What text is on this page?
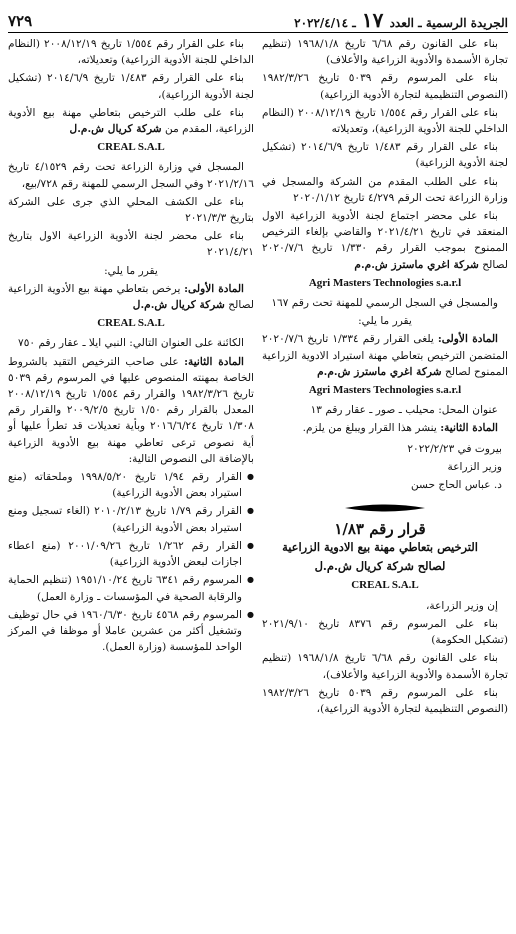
الجريدة الرسمية ـ العدد ١٧ ـ ٢٠٢٢/٤/١٤
٧٢٩

بناء على القانون رقم ٦/٦٨ تاريخ ١٩٦٨/١/٨ (تنظيم تجارة الأسمدة والأدوية الزراعية والأعلاف)

بناء على المرسوم رقم ٥٠٣٩ تاريخ ١٩٨٢/٣/٢٦ (النصوص التنظيمية لتجارة الأدوية الزراعية)

بناء على القرار رقم ١/٥٥٤ تاريخ ٢٠٠٨/١٢/١٩ (النظام الداخلي للجنة الأدوية الزراعية)، وتعديلاته

بناء على القرار رقم ١/٤٨٣ تاريخ ٢٠١٤/٦/٩ (تشكيل لجنة الأدوية الزراعية)

بناء على الطلب المقدم من الشركة والمسجل في وزارة الزراعة تحت الرقم ٤/٢٧٩ تاريخ ٢٠٢٠/١/١٢

بناء على محضر اجتماع لجنة الأدوية الزراعية الاول المنعقد في تاريخ ٢٠٢١/٤/٢١ والقاضي بإلغاء الترخيص الممنوح بموجب القرار رقم ١/٣٣٠ تاريخ ٢٠٢٠/٧/٦ لصالح شركة اغري ماسترز ش.م.م

Agri Masters Technologies s.a.r.l

والمسجل في السجل الرسمي للمهنة تحت رقم ١٦٧

يقرر ما يلي:

المادة الأولى: يلغى القرار رقم ١/٣٣٤ تاريخ ٢٠٢٠/٧/٦ المتضمن الترخيص بتعاطي مهنة استيراد الادوية الزراعية الممنوح لصالح شركة اغري ماسترز ش.م.م

Agri Masters Technologies s.a.r.l

عنوان المحل: محيلب ـ صور ـ عقار رقم ١٣

المادة الثانية: ينشر هذا القرار ويبلغ من يلزم.

بيروت في ٢٠٢٢/٢/٢٣

وزير الزراعة

د. عباس الحاج حسن

قرار رقم ١/٨٣

الترخيص بتعاطي مهنة بيع الادوية الزراعية

لصالح شركة كريال ش.م.ل

CREAL S.A.L

إن وزير الزراعة،

بناء على المرسوم رقم ٨٣٧٦ تاريخ ٢٠٢١/٩/١٠ (تشكيل الحكومة)

بناء على القانون رقم ٦/٦٨ تاريخ ١٩٦٨/١/٨ (تنظيم تجارة الأسمدة والأدوية الزراعية والأعلاف)،

بناء على المرسوم رقم ٥٠٣٩ تاريخ ١٩٨٢/٣/٢٦ (النصوص التنظيمية لتجارة الأدوية الزراعية)،

بناء على القرار رقم ١/٥٥٤ تاريخ ٢٠٠٨/١٢/١٩ (النظام الداخلي للجنة الأدوية الزراعية) وتعديلاته،

بناء على القرار رقم ١/٤٨٣ تاريخ ٢٠١٤/٦/٩ (تشكيل لجنة الأدوية الزراعية)،

بناء على طلب الترخيص بتعاطي مهنة بيع الأدوية الزراعية، المقدم من شركة كريال ش.م.ل

CREAL S.A.L

المسجل في وزارة الزراعة تحت رقم ٤/١٥٢٩ تاريخ ٢٠٢١/٢/١٦ وفي السجل الرسمي للمهنة رقم ٧٢٨/بيع،

بناء على الكشف المحلي الذي جرى على الشركة بتاريخ ٢٠٢١/٣/٣

بناء على محضر لجنة الأدوية الزراعية الاول بتاريخ ٢٠٢١/٤/٢١

يقرر ما يلي:

المادة الأولى: يرخص بتعاطي مهنة بيع الأدوية الزراعية لصالح شركة كريال ش.م.ل

CREAL S.A.L

الكائنة على العنوان التالي: النبي ايلا ـ عقار رقم ٧٥٠

المادة الثانية: على صاحب الترخيص التقيد بالشروط الخاصة بمهنته المنصوص عليها في المرسوم رقم ٥٠٣٩ تاريخ ١٩٨٢/٣/٢٦ والقرار رقم ١/٥٥٤ تاريخ ٢٠٠٨/١٢/١٩ المعدل بالقرار رقم ١/٥٠ تاريخ ٢٠٠٩/٢/٥ والقرار رقم ١/٣٠٨ تاريخ ٢٠١٦/٦/٢٤ وبأية تعديلات قد تطرأ عليها أو أية نصوص ترعى تعاطي مهنة بيع الأدوية الزراعية بالإضافة الى النصوص التالية:

● القرار رقم ١/٩٤ تاريخ ١٩٩٨/٥/٢٠ وملحقاته (منع استيراد بعض الأدوية الزراعية)
● القرار رقم ١/٧٩ تاريخ ٢٠١٠/٢/١٣ (الغاء تسجيل ومنع استيراد بعض الأدوية الزراعية)
● القرار رقم ١/٢٦٢ تاريخ ٢٠٠١/٠٩/٢٦ (منع اعطاء اجازات لبعض الأدوية الزراعية)
● المرسوم رقم ٦٣٤١ تاريخ ١٩٥١/١٠/٢٤ (تنظيم الحماية والرقابة الصحية في المؤسسات ـ وزارة العمل)
● المرسوم رقم ٤٥٦٨ تاريخ ١٩٦٠/٦/٣٠ في حال توظيف وتشغيل أكثر من عشرين عاملا أو موظفا في المركز الواحد للمؤسسة (وزارة العمل).
